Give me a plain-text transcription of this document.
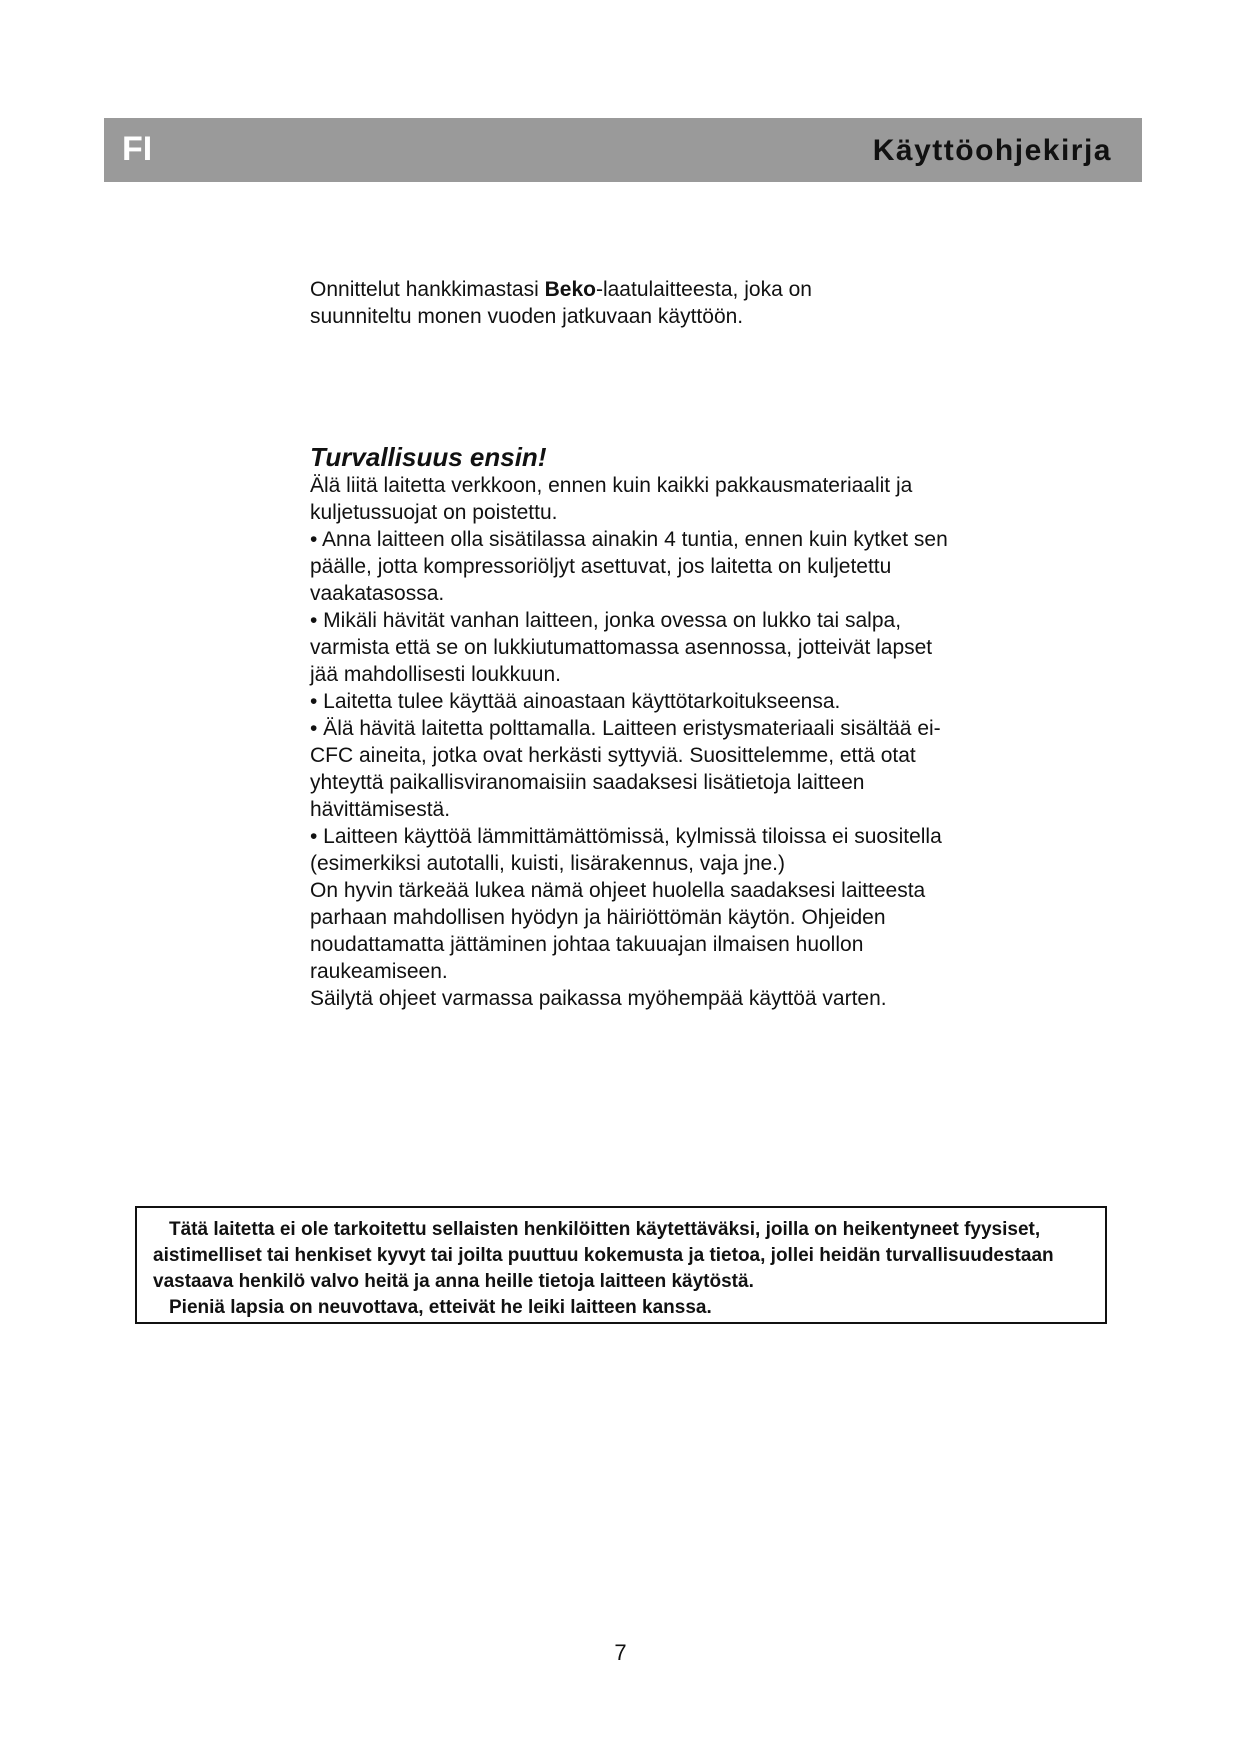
FI	Käyttöohjekirja

Onnittelut hankkimastasi Beko-laatulaitteesta, joka on

suunniteltu monen vuoden jatkuvaan käyttöön.

Turvallisuus ensin!

Älä liitä laitetta verkkoon, ennen kuin kaikki pakkausmateriaalit ja kuljetussuojat on poistettu.

• Anna laitteen olla sisätilassa ainakin 4 tuntia, ennen kuin kytket sen päälle, jotta kompressoriöljyt asettuvat, jos laitetta on kuljetettu vaakatasossa.

• Mikäli hävität vanhan laitteen, jonka ovessa on lukko tai salpa, varmista että se on lukkiutumattomassa asennossa, jotteivät lapset jää mahdollisesti loukkuun.

• Laitetta tulee käyttää ainoastaan käyttötarkoitukseensa.

• Älä hävitä laitetta polttamalla. Laitteen eristysmateriaali sisältää ei-CFC aineita, jotka ovat herkästi syttyviä. Suosittelemme, että otat yhteyttä paikallisviranomaisiin saadaksesi lisätietoja laitteen hävittämisestä.

• Laitteen käyttöä lämmittämättömissä, kylmissä tiloissa ei suositella (esimerkiksi autotalli, kuisti, lisärakennus, vaja jne.)

On hyvin tärkeää lukea nämä ohjeet huolella saadaksesi laitteesta parhaan mahdollisen hyödyn ja häiriöttömän käytön. Ohjeiden noudattamatta jättäminen johtaa takuuajan ilmaisen huollon raukeamiseen.

Säilytä ohjeet varmassa paikassa myöhempää käyttöä varten.

Tätä laitetta ei ole tarkoitettu sellaisten henkilöitten käytettäväksi, joilla on heikentyneet fyysiset, aistimelliset tai henkiset kyvyt tai joilta puuttuu kokemusta ja tietoa, jollei heidän turvallisuudestaan vastaava henkilö valvo heitä ja anna heille tietoja laitteen käytöstä.

Pieniä lapsia on neuvottava, etteivät he leiki laitteen kanssa.

7
